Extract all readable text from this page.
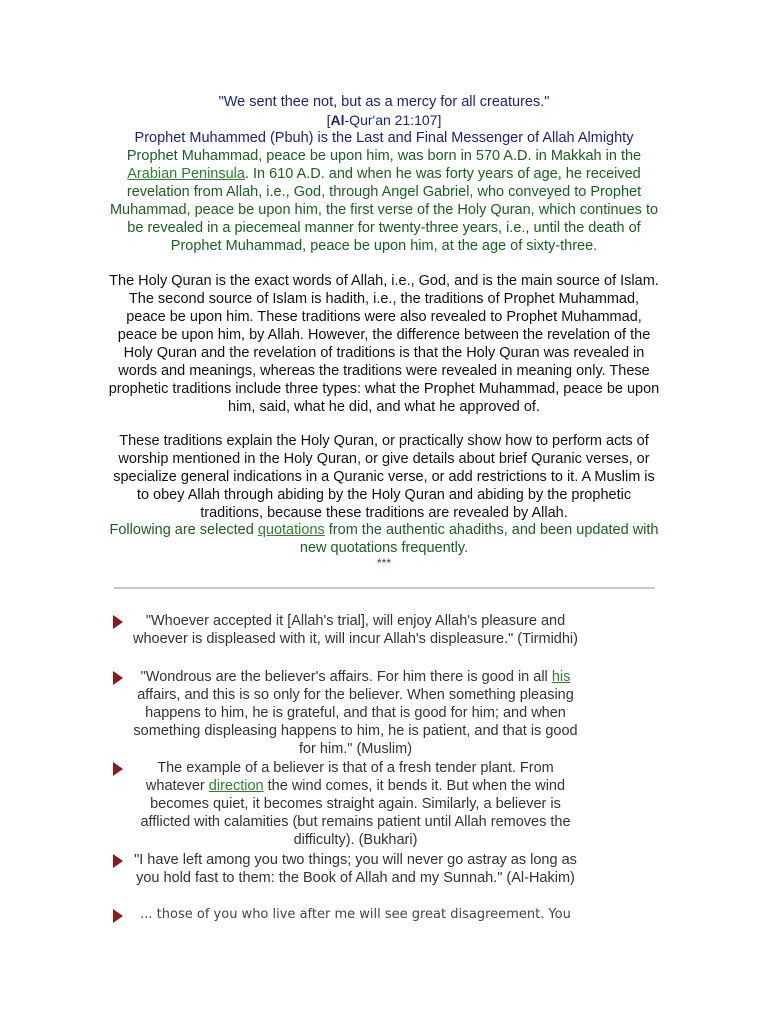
"We sent thee not, but as a mercy for all creatures."
[Al-Qur'an 21:107]
Prophet Muhammed (Pbuh) is the Last and Final Messenger of Allah Almighty
Prophet Muhammad, peace be upon him, was born in 570 A.D. in Makkah in the Arabian Peninsula. In 610 A.D. and when he was forty years of age, he received revelation from Allah, i.e., God, through Angel Gabriel, who conveyed to Prophet Muhammad, peace be upon him, the first verse of the Holy Quran, which continues to be revealed in a piecemeal manner for twenty-three years, i.e., until the death of Prophet Muhammad, peace be upon him, at the age of sixty-three.
The Holy Quran is the exact words of Allah, i.e., God, and is the main source of Islam. The second source of Islam is hadith, i.e., the traditions of Prophet Muhammad, peace be upon him. These traditions were also revealed to Prophet Muhammad, peace be upon him, by Allah. However, the difference between the revelation of the Holy Quran and the revelation of traditions is that the Holy Quran was revealed in words and meanings, whereas the traditions were revealed in meaning only. These prophetic traditions include three types: what the Prophet Muhammad, peace be upon him, said, what he did, and what he approved of.
These traditions explain the Holy Quran, or practically show how to perform acts of worship mentioned in the Holy Quran, or give details about brief Quranic verses, or specialize general indications in a Quranic verse, or add restrictions to it. A Muslim is to obey Allah through abiding by the Holy Quran and abiding by the prophetic traditions, because these traditions are revealed by Allah.
Following are selected quotations from the authentic ahadiths, and been updated with new quotations frequently.
***
"Whoever accepted it [Allah's trial], will enjoy Allah's pleasure and whoever is displeased with it, will incur Allah's displeasure." (Tirmidhi)
"Wondrous are the believer's affairs. For him there is good in all his affairs, and this is so only for the believer. When something pleasing happens to him, he is grateful, and that is good for him; and when something displeasing happens to him, he is patient, and that is good for him." (Muslim)
The example of a believer is that of a fresh tender plant. From whatever direction the wind comes, it bends it. But when the wind becomes quiet, it becomes straight again. Similarly, a believer is afflicted with calamities (but remains patient until Allah removes the difficulty). (Bukhari)
"I have left among you two things; you will never go astray as long as you hold fast to them: the Book of Allah and my Sunnah." (Al-Hakim)
... those of you who live after me will see great disagreement. You
